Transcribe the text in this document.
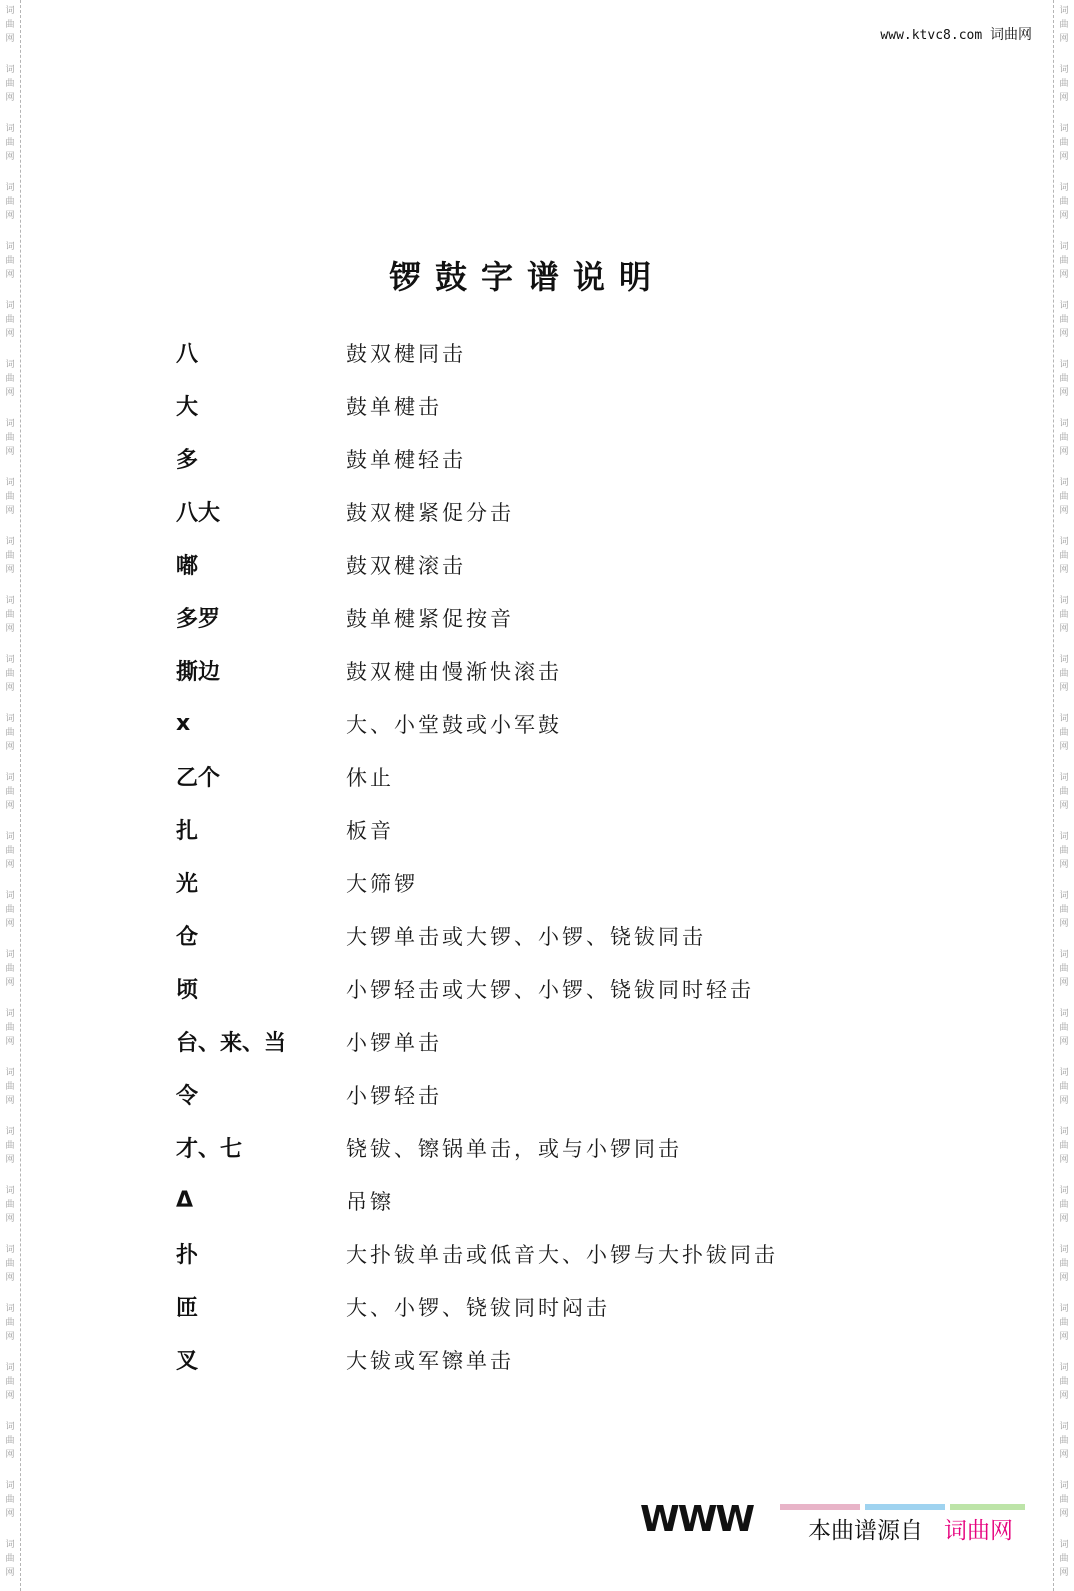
词
曲
网
词
曲
网
词
曲
网
词
曲
网
词
曲
网
词
曲
网
词
曲
网
词
曲
网
词
曲
网
词
曲
网
词
曲
网
词
曲
网
词
曲
网
词
曲
网
词
曲
网
词
曲
网
词
曲
网
词
曲
网
词
曲
网
词
曲
网
词
曲
网
词
曲
网
词
曲
网
词
曲
网
词
曲
网
词
曲
网
词
曲
网
词
曲
网
词
曲
网
词
曲
网
词
曲
网
词
曲
网
词
曲
网
词
曲
网
词
曲
网
词
曲
网
词
曲
网
词
曲
网
词
曲
网
词
曲
网
词
曲
网
词
曲
网
词
曲
网
词
曲
网
词
曲
网
词
曲
网
词
曲
网
词
曲
网
词
曲
网
词
曲
网
词
曲
网
词
曲
网
词
曲
网
词
曲
网
www.ktvc8.com 词曲网
锣鼓字谱说明
八	鼓双楗同击
大	鼓单楗击
多	鼓单楗轻击
八大	鼓双楗紧促分击
嘟	鼓双楗滚击
多罗	鼓单楗紧促按音
撕边	鼓双楗由慢渐快滚击
x	大、小堂鼓或小军鼓
乙个	休止
扎	板音
光	大筛锣
仓	大锣单击或大锣、小锣、铙钹同击
顷	小锣轻击或大锣、小锣、铙钹同时轻击
台、来、当	小锣单击
令	小锣轻击
才、七	铙钹、镲锅单击，或与小锣同击
Δ	吊镲
扑	大扑钹单击或低音大、小锣与大扑钹同击
匝	大、小锣、铙钹同时闷击
叉	大钹或军镲单击
WWW 本曲谱源自 词曲网
